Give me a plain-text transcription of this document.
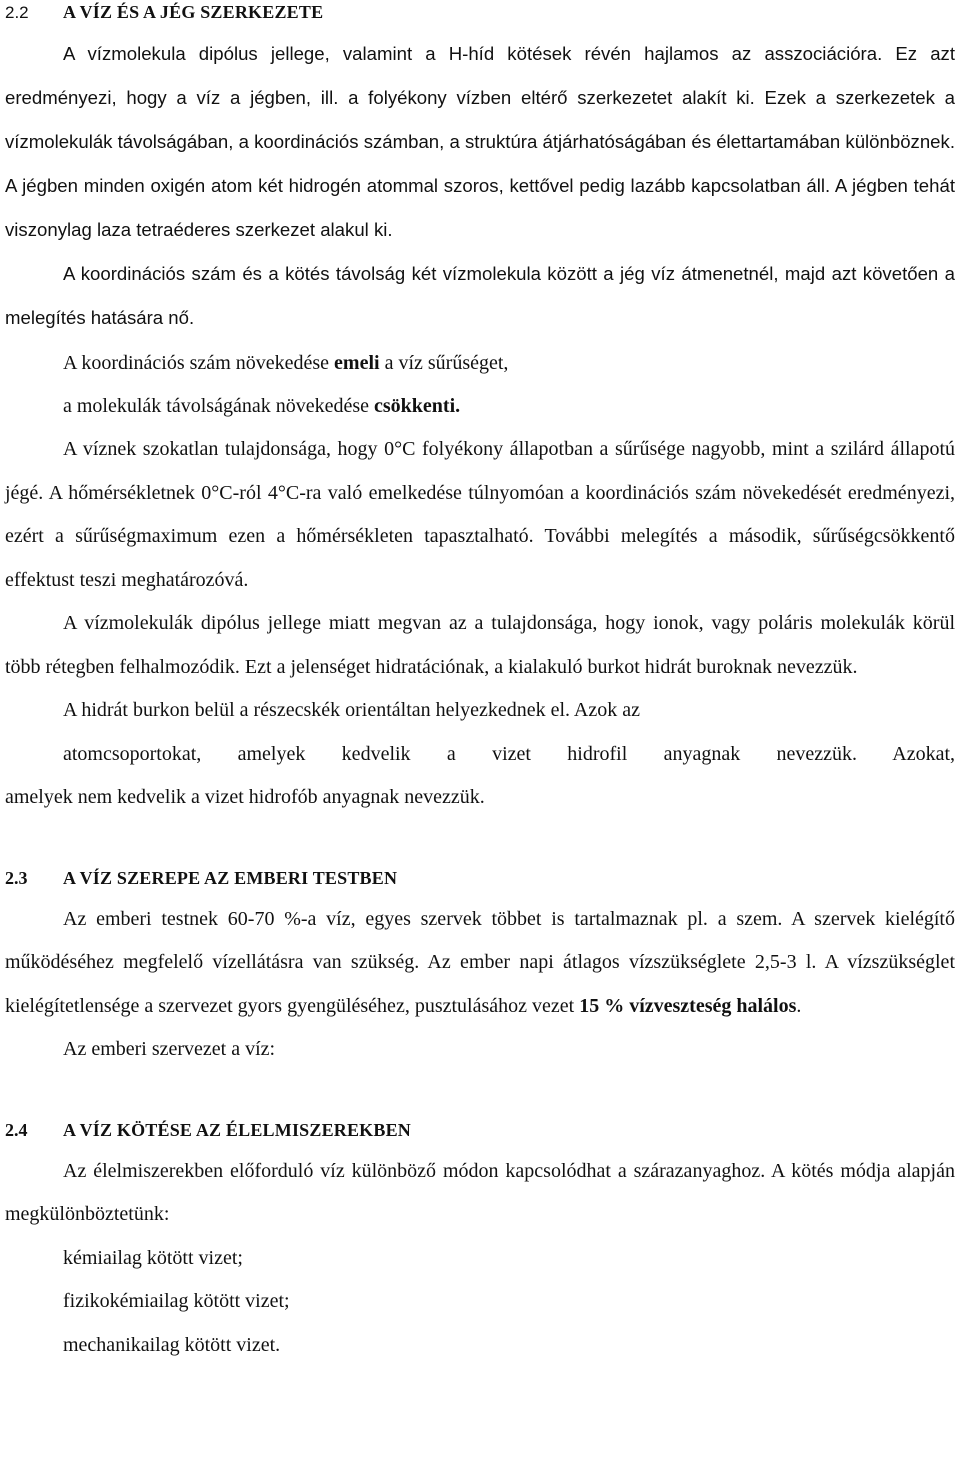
2.2	A VÍZ ÉS A JÉG SZERKEZETE

A vízmolekula dipólus jellege, valamint a H-híd kötések révén hajlamos az asszociációra. Ez azt eredményezi, hogy a víz a jégben, ill. a folyékony vízben eltérő szerkezetet alakít ki. Ezek a szerkezetek a vízmolekulák távolságában, a koordinációs számban, a struktúra átjárhatóságában és élettartamában különböznek. A jégben minden oxigén atom két hidrogén atommal szoros, kettővel pedig lazább kapcsolatban áll. A jégben tehát viszonylag laza tetraéderes szerkezet alakul ki.

A koordinációs szám és a kötés távolság két vízmolekula között a jég víz átmenetnél, majd azt követően a melegítés hatására nő.

A koordinációs szám növekedése emeli a víz sűrűséget,

a molekulák távolságának növekedése csökkenti.

A víznek szokatlan tulajdonsága, hogy 0°C folyékony állapotban a sűrűsége nagyobb, mint a szilárd állapotú jégé. A hőmérsékletnek 0°C-ról 4°C-ra való emelkedése túlnyomóan a koordinációs szám növekedését eredményezi, ezért a sűrűségmaximum ezen a hőmérsékleten tapasztalható. További melegítés a második, sűrűségcsökkentő effektust teszi meghatározóvá.

A vízmolekulák dipólus jellege miatt megvan az a tulajdonsága, hogy ionok, vagy poláris molekulák körül több rétegben felhalmozódik. Ezt a jelenséget hidratációnak, a kialakuló burkot hidrát buroknak nevezzük.

A hidrát burkon belül a részecskék orientáltan helyezkednek el. Azok az
atomcsoportokat, amelyek kedvelik a vizet hidrofil anyagnak nevezzük. Azokat,
amelyek nem kedvelik a vizet hidrofób anyagnak nevezzük.

2.3	A VÍZ SZEREPE AZ EMBERI TESTBEN

Az emberi testnek 60-70 %-a víz, egyes szervek többet is tartalmaznak pl. a szem. A szervek kielégítő működéséhez megfelelő vízellátásra van szükség. Az ember napi átlagos vízszükséglete 2,5-3 l. A vízszükséglet kielégítetlensége a szervezet gyors gyengüléséhez, pusztulásához vezet 15 % vízveszteség halálos.

Az emberi szervezet a víz:

2.4	A VÍZ KÖTÉSE AZ ÉLELMISZEREKBEN

Az élelmiszerekben előforduló víz különböző módon kapcsolódhat a szárazanyaghoz. A kötés módja alapján megkülönböztetünk:

kémiailag kötött vizet;
fizikokémiailag kötött vizet;
mechanikailag kötött vizet.
